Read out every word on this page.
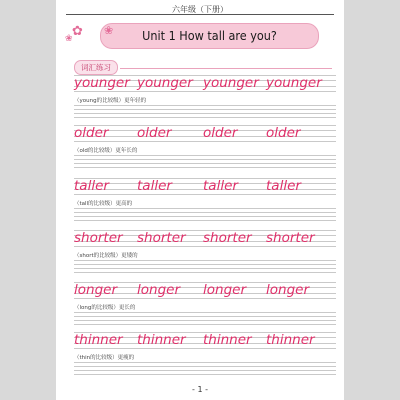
六年级（下册）
✿
❀	Unit 1 How tall are you?
❀
词汇练习
younger younger younger younger
（young的比较级）更年轻的
older	older	older	older
（old的比较级）更年长的
taller	taller	taller	taller
（tall的比较级）更高的
shorter	shorter	shorter	shorter
（short的比较级）更矮的
longer	longer	longer	longer
（long的比较级）更长的
thinner	thinner	thinner	thinner
（thin的比较级）更瘦的
- 1 -
